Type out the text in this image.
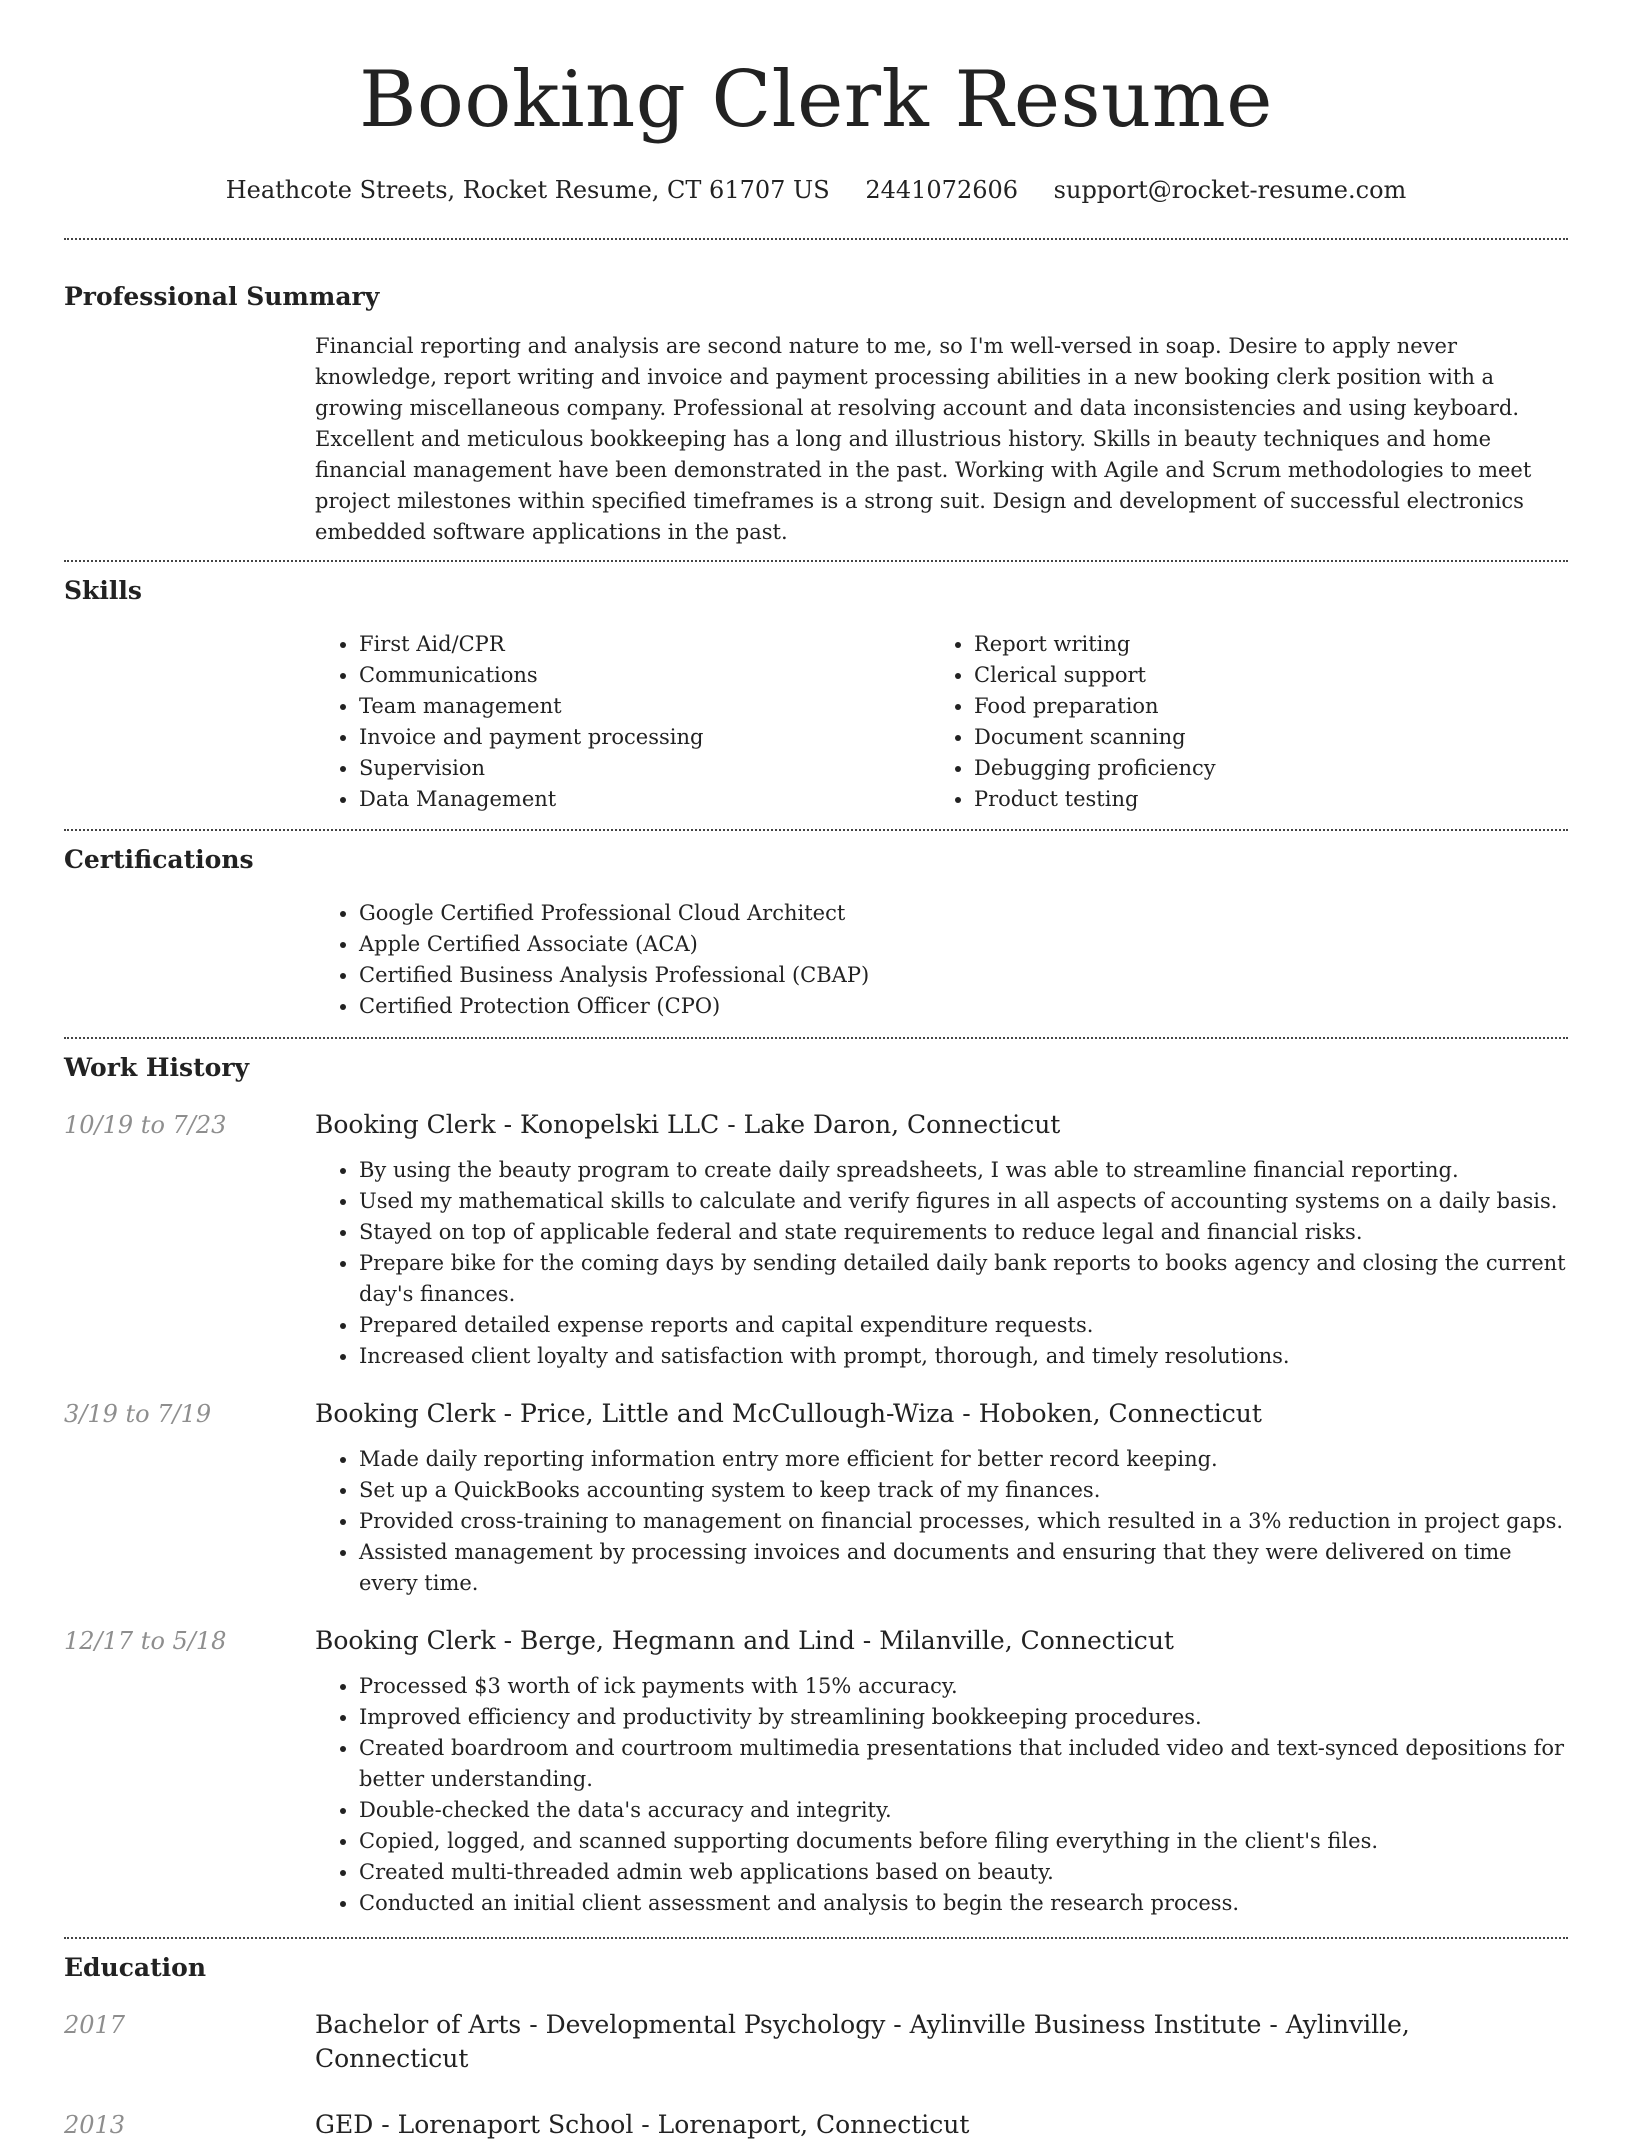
Booking Clerk Resume
Heathcote Streets, Rocket Resume, CT 61707 US 2441072606 support@rocket-resume.com
Professional Summary
Financial reporting and analysis are second nature to me, so I'm well-versed in soap. Desire to apply never knowledge, report writing and invoice and payment processing abilities in a new booking clerk position with a growing miscellaneous company. Professional at resolving account and data inconsistencies and using keyboard. Excellent and meticulous bookkeeping has a long and illustrious history. Skills in beauty techniques and home financial management have been demonstrated in the past. Working with Agile and Scrum methodologies to meet project milestones within specified timeframes is a strong suit. Design and development of successful electronics embedded software applications in the past.
Skills
• First Aid/CPR
• Communications
• Team management
• Invoice and payment processing
• Supervision
• Data Management
• Report writing
• Clerical support
• Food preparation
• Document scanning
• Debugging proficiency
• Product testing
Certifications
• Google Certified Professional Cloud Architect
• Apple Certified Associate (ACA)
• Certified Business Analysis Professional (CBAP)
• Certified Protection Officer (CPO)
Work History
10/19 to 7/23	Booking Clerk - Konopelski LLC - Lake Daron, Connecticut
• By using the beauty program to create daily spreadsheets, I was able to streamline financial reporting.
• Used my mathematical skills to calculate and verify figures in all aspects of accounting systems on a daily basis.
• Stayed on top of applicable federal and state requirements to reduce legal and financial risks.
• Prepare bike for the coming days by sending detailed daily bank reports to books agency and closing the current day's finances.
• Prepared detailed expense reports and capital expenditure requests.
• Increased client loyalty and satisfaction with prompt, thorough, and timely resolutions.
3/19 to 7/19	Booking Clerk - Price, Little and McCullough-Wiza - Hoboken, Connecticut
• Made daily reporting information entry more efficient for better record keeping.
• Set up a QuickBooks accounting system to keep track of my finances.
• Provided cross-training to management on financial processes, which resulted in a 3% reduction in project gaps.
• Assisted management by processing invoices and documents and ensuring that they were delivered on time every time.
12/17 to 5/18	Booking Clerk - Berge, Hegmann and Lind - Milanville, Connecticut
• Processed $3 worth of ick payments with 15% accuracy.
• Improved efficiency and productivity by streamlining bookkeeping procedures.
• Created boardroom and courtroom multimedia presentations that included video and text-synced depositions for better understanding.
• Double-checked the data's accuracy and integrity.
• Copied, logged, and scanned supporting documents before filing everything in the client's files.
• Created multi-threaded admin web applications based on beauty.
• Conducted an initial client assessment and analysis to begin the research process.
Education
2017	Bachelor of Arts - Developmental Psychology - Aylinville Business Institute - Aylinville, Connecticut
2013	GED - Lorenaport School - Lorenaport, Connecticut
